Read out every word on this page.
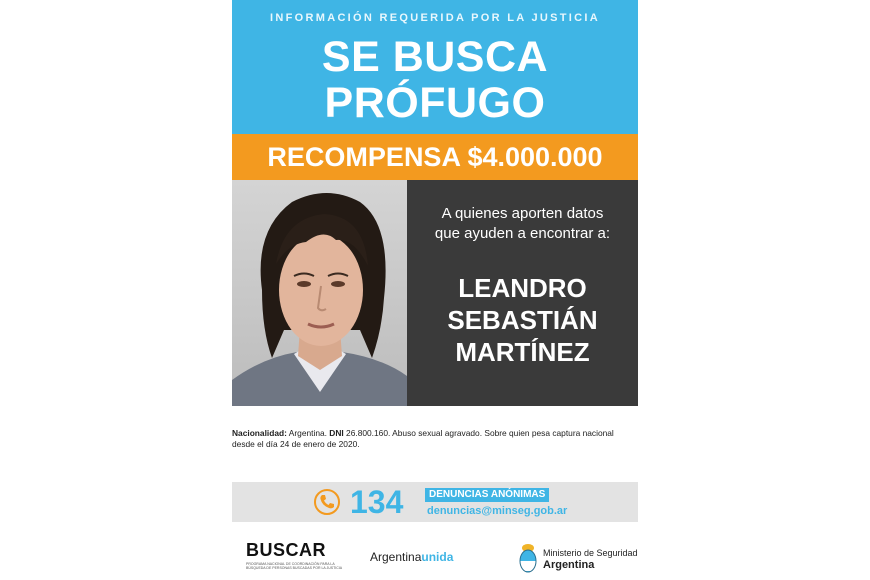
INFORMACIÓN REQUERIDA POR LA JUSTICIA
SE BUSCA
PRÓFUGO
RECOMPENSA $4.000.000
A quienes aporten datos
que ayuden a encontrar a:
LEANDRO
SEBASTIÁN
MARTÍNEZ
Nacionalidad: Argentina. DNI 26.800.160. Abuso sexual agravado. Sobre quien pesa captura nacional desde el día 24 de enero de 2020.
134	DENUNCIAS ANÓNIMAS
denuncias@minseg.gob.ar
BUSCAR
PROGRAMA NACIONAL DE COORDINACIÓN PARA LA BÚSQUEDA DE PERSONAS BUSCADAS POR LA JUSTICIA
Argentinaunida	Ministerio de Seguridad
Argentina
